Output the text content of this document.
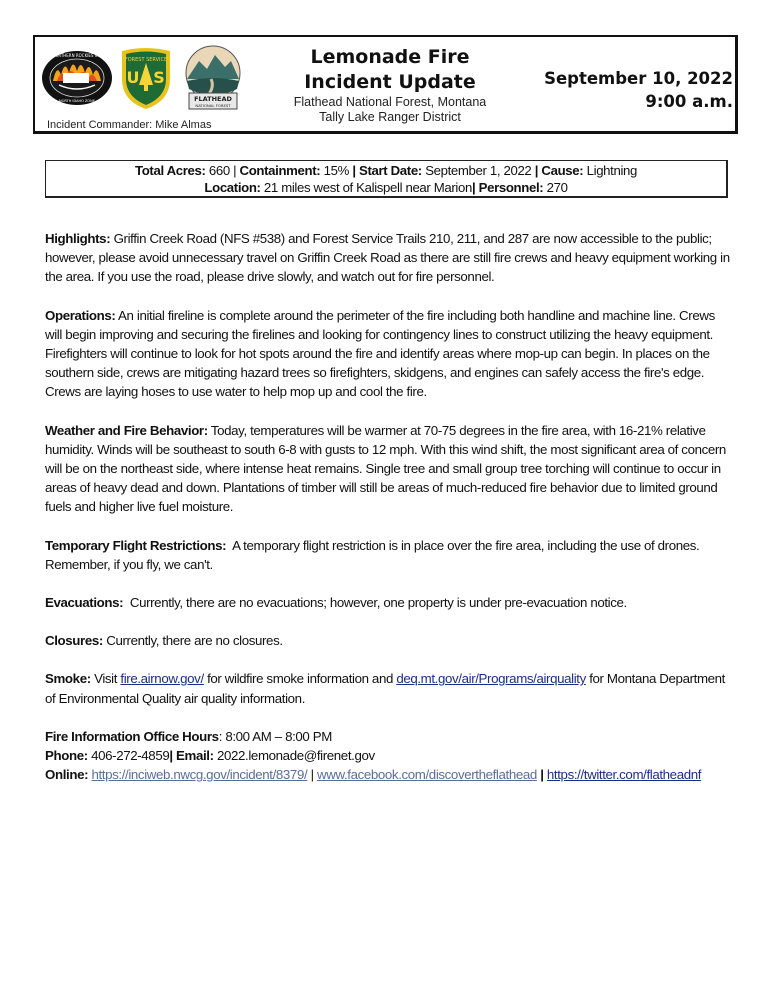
NORTHERN ROCKIES IMT
NORTH IDAHO ZONE
FOREST SERVICE
U S
FLATHEAD
NATIONAL FOREST
Incident Commander: Mike Almas
Lemonade Fire
Incident Update
Flathead National Forest, Montana
Tally Lake Ranger District
September 10, 2022
9:00 a.m.
Total Acres: 660 | Containment: 15% | Start Date: September 1, 2022 | Cause: Lightning
Location: 21 miles west of Kalispell near Marion| Personnel: 270

Highlights: Griffin Creek Road (NFS #538) and Forest Service Trails 210, 211, and 287 are now accessible to the public; however, please avoid unnecessary travel on Griffin Creek Road as there are still fire crews and heavy equipment working in the area. If you use the road, please drive slowly, and watch out for fire personnel.

Operations: An initial fireline is complete around the perimeter of the fire including both handline and machine line. Crews will begin improving and securing the firelines and looking for contingency lines to construct utilizing the heavy equipment. Firefighters will continue to look for hot spots around the fire and identify areas where mop-up can begin. In places on the southern side, crews are mitigating hazard trees so firefighters, skidgens, and engines can safely access the fire's edge. Crews are laying hoses to use water to help mop up and cool the fire.

Weather and Fire Behavior: Today, temperatures will be warmer at 70-75 degrees in the fire area, with 16-21% relative humidity. Winds will be southeast to south 6-8 with gusts to 12 mph. With this wind shift, the most significant area of concern will be on the northeast side, where intense heat remains. Single tree and small group tree torching will continue to occur in areas of heavy dead and down. Plantations of timber will still be areas of much-reduced fire behavior due to limited ground fuels and higher live fuel moisture.

Temporary Flight Restrictions: A temporary flight restriction is in place over the fire area, including the use of drones. Remember, if you fly, we can't.

Evacuations: Currently, there are no evacuations; however, one property is under pre-evacuation notice.

Closures: Currently, there are no closures.

Smoke: Visit fire.airnow.gov/ for wildfire smoke information and deq.mt.gov/air/Programs/airquality for Montana Department of Environmental Quality air quality information.

Fire Information Office Hours: 8:00 AM – 8:00 PM
Phone: 406-272-4859| Email: 2022.lemonade@firenet.gov
Online: https://inciweb.nwcg.gov/incident/8379/ | www.facebook.com/discovertheflathead | https://twitter.com/flatheadnf
